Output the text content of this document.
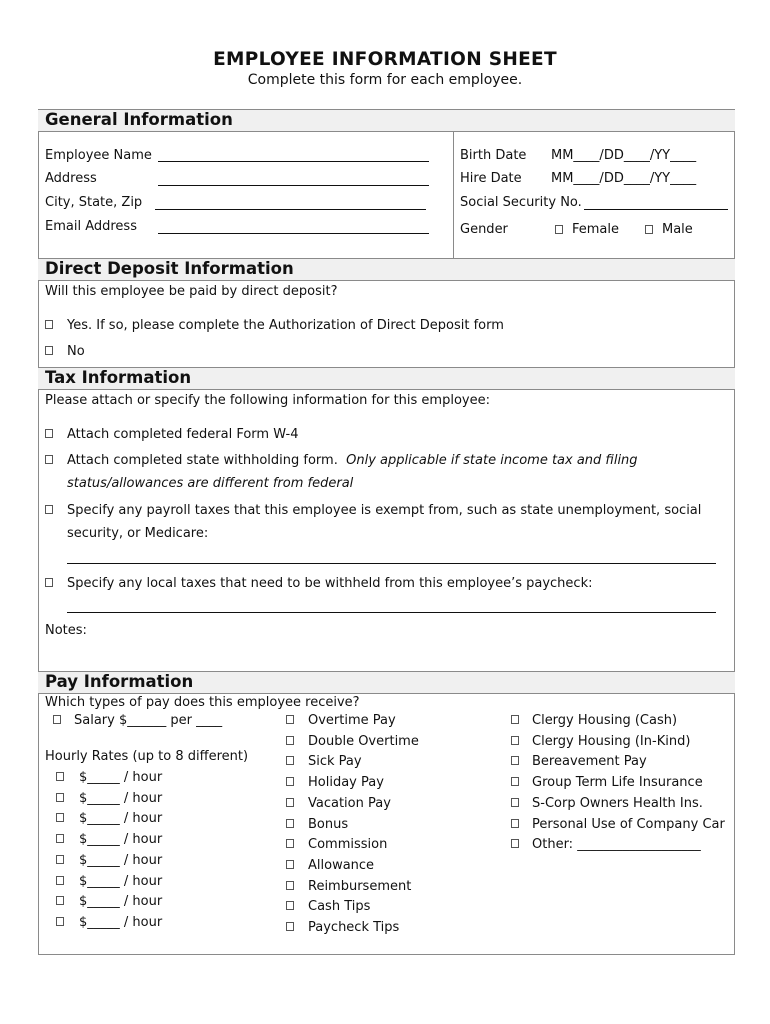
EMPLOYEE INFORMATION SHEET
Complete this form for each employee.
General Information
Employee Name
Address
City, State, Zip
Email Address
Birth Date MM____/DD____/YY____
Hire Date MM____/DD____/YY____
Social Security No.
Gender	Female	Male
Direct Deposit Information
Will this employee be paid by direct deposit?
Yes. If so, please complete the Authorization of Direct Deposit form
No
Tax Information
Please attach or specify the following information for this employee:
Attach completed federal Form W-4
Attach completed state withholding form. Only applicable if state income tax and filing
status/allowances are different from federal
Specify any payroll taxes that this employee is exempt from, such as state unemployment, social
security, or Medicare:
Specify any local taxes that need to be withheld from this employee’s paycheck:
Notes:
Pay Information
Which types of pay does this employee receive?
Salary $______ per ____
Hourly Rates (up to 8 different)
$_____ / hour
$_____ / hour
$_____ / hour
$_____ / hour
$_____ / hour
$_____ / hour
$_____ / hour
$_____ / hour
Overtime Pay
Double Overtime
Sick Pay
Holiday Pay
Vacation Pay
Bonus
Commission
Allowance
Reimbursement
Cash Tips
Paycheck Tips
Clergy Housing (Cash)
Clergy Housing (In-Kind)
Bereavement Pay
Group Term Life Insurance
S-Corp Owners Health Ins.
Personal Use of Company Car
Other: ___________________
